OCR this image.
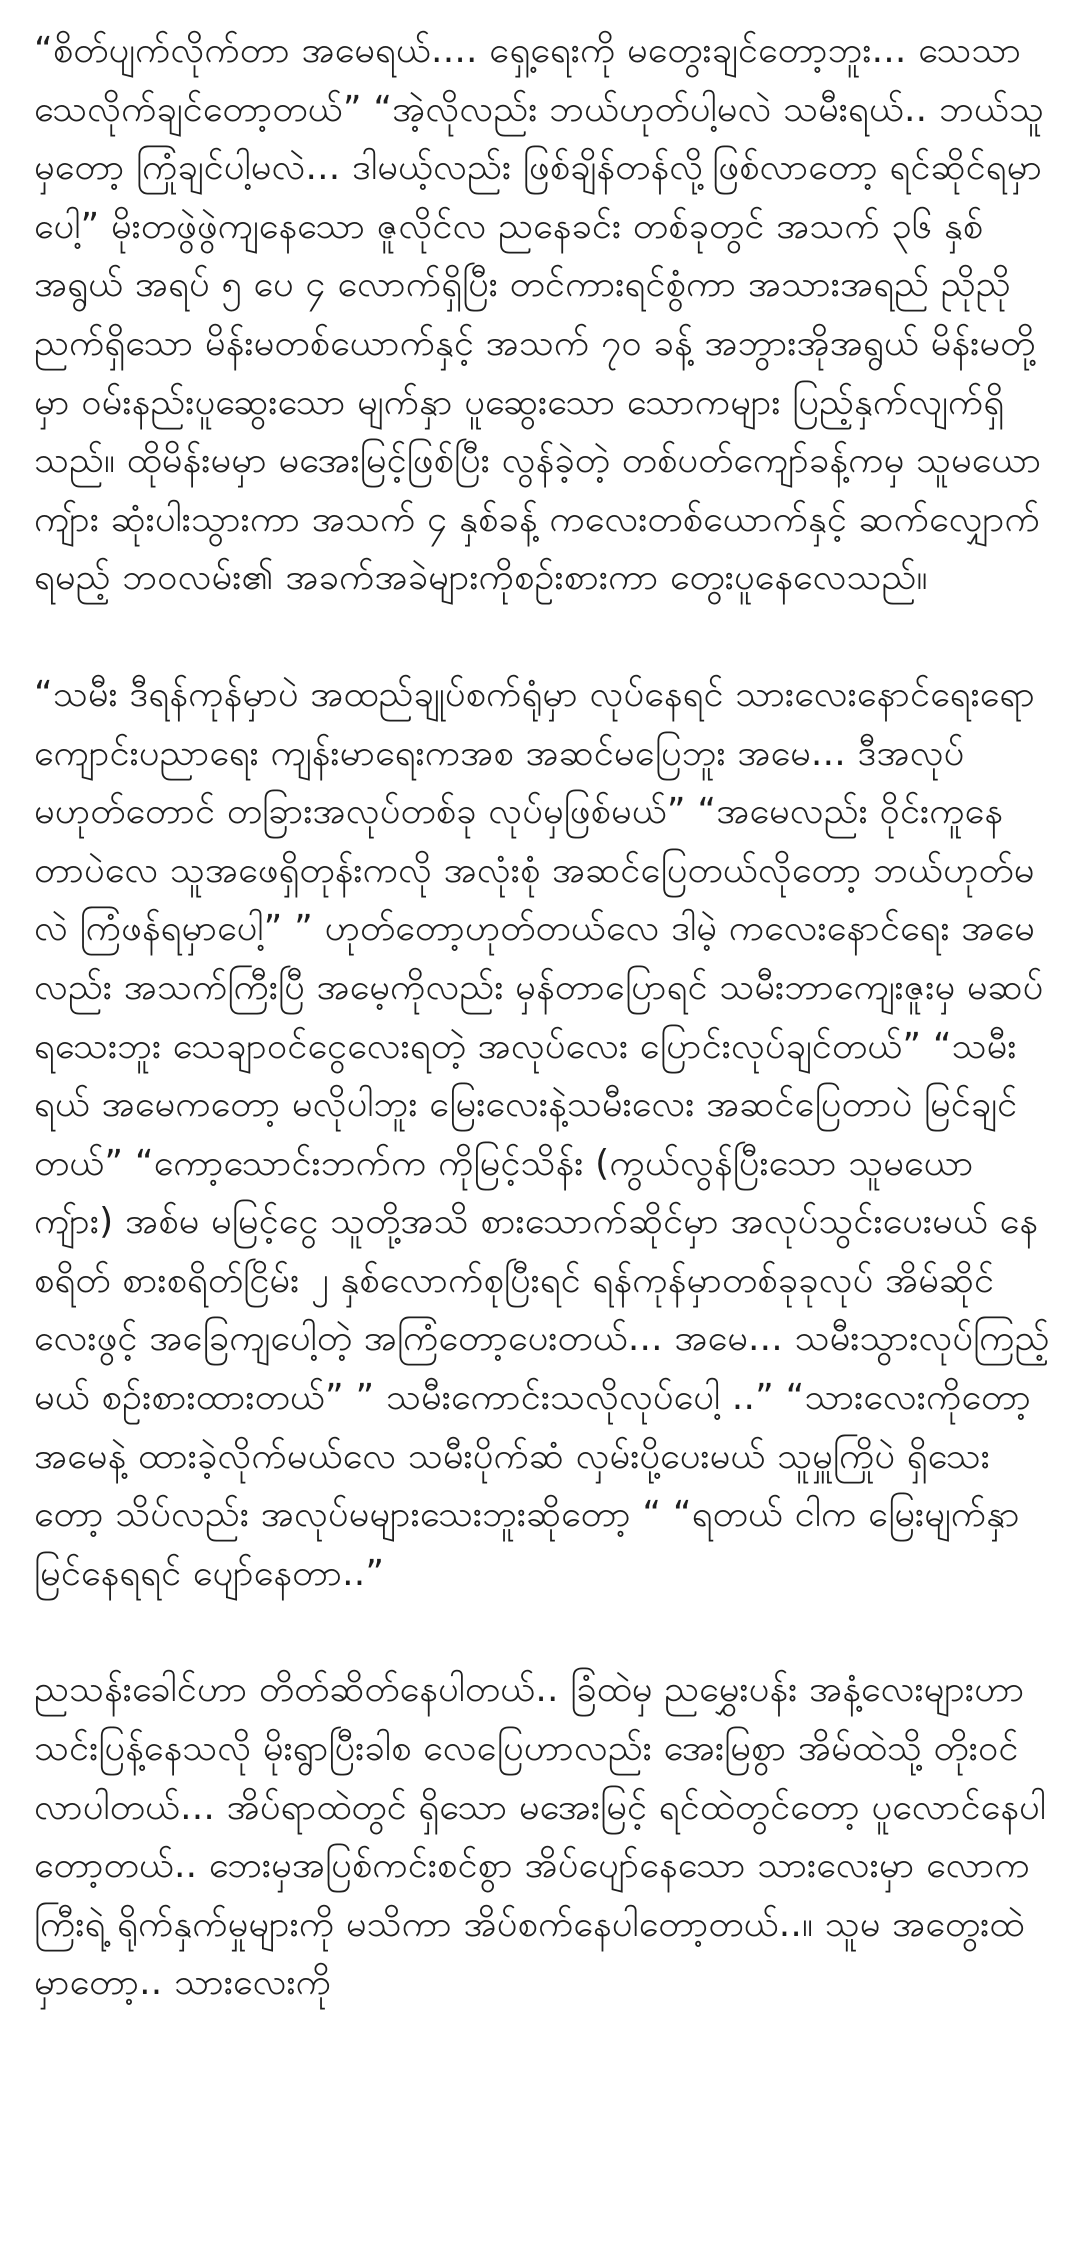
“စိတ်ပျက်လိုက်တာ အမေရယ်.... ရှေ့ရေးကို မတွေးချင်တော့ဘူး... သေသာ သေလိုက်ချင်တော့တယ်” “အဲ့လိုလည်း ဘယ်ဟုတ်ပါ့မလဲ သမီးရယ်.. ဘယ်သူမှတော့ ကြုံချင်ပါ့မလဲ... ဒါမယ့်လည်း ဖြစ်ချိန်တန်လို့ဖြစ်လာတော့ ရင်ဆိုင်ရမှာပေါ့” မိုးတဖွဲဖွဲကျနေသော ဇူလိုင်လ ညနေခင်း တစ်ခုတွင် အသက် ၃၆ နှစ်အရွယ် အရပ် ၅ ပေ ၄ လောက်ရှိပြီး တင်ကားရင်စွံကာ အသားအရည် ညိုညိုညက်ရှိသော မိန်းမတစ်ယောက်နှင့် အသက် ၇၀ ခန့် အဘွားအိုအရွယ် မိန်းမတို့မှာ ဝမ်းနည်းပူဆွေးသော မျက်နှာ ပူဆွေးသော သောကများ ပြည့်နှက်လျက်ရှိသည်။ ထိုမိန်းမမှာ မအေးမြင့်ဖြစ်ပြီး လွန်ခဲ့တဲ့ တစ်ပတ်ကျော်ခန့်ကမှ သူမယောကျ်ား ဆုံးပါးသွားကာ အသက် ၄ နှစ်ခန့် ကလေးတစ်ယောက်နှင့် ဆက်လျှောက်ရမည့် ဘဝလမ်း၏ အခက်အခဲများကိုစဉ်းစားကာ တွေးပူနေလေသည်။

“သမီး ဒီရန်ကုန်မှာပဲ အထည်ချုပ်စက်ရုံမှာ လုပ်နေရင် သားလေးနောင်ရေးရော ကျောင်းပညာရေး ကျန်းမာရေးကအစ အဆင်မပြေဘူး အမေ... ဒီအလုပ်မဟုတ်တောင် တခြားအလုပ်တစ်ခု လုပ်မှဖြစ်မယ်” “အမေလည်း ဝိုင်းကူနေတာပဲလေ သူအဖေရှိတုန်းကလို အလုံးစုံ အဆင်ပြေတယ်လိုတော့ ဘယ်ဟုတ်မလဲ ကြံဖန်ရမှာပေါ့” ” ဟုတ်တော့ဟုတ်တယ်လေ ဒါမဲ့ ကလေးနောင်ရေး အမေလည်း အသက်ကြီးပြီ အမေ့ကိုလည်း မှန်တာပြောရင် သမီးဘာကျေးဇူးမှ မဆပ်ရသေးဘူး သေချာဝင်ငွေလေးရတဲ့ အလုပ်လေး ပြောင်းလုပ်ချင်တယ်” “သမီးရယ် အမေကတော့ မလိုပါဘူး မြေးလေးနဲ့သမီးလေး အဆင်ပြေတာပဲ မြင်ချင်တယ်” “ကော့သောင်းဘက်က ကိုမြင့်သိန်း (ကွယ်လွန်ပြီးသော သူမယောကျ်ား) အစ်မ မမြင့်ငွေ သူတို့အသိ စားသောက်ဆိုင်မှာ အလုပ်သွင်းပေးမယ် နေစရိတ် စားစရိတ်ငြိမ်း ၂ နှစ်လောက်စုပြီးရင် ရန်ကုန်မှာတစ်ခုခုလုပ် အိမ်ဆိုင်လေးဖွင့် အခြေကျပေါ့တဲ့ အကြံတော့ပေးတယ်... အမေ... သမီးသွားလုပ်ကြည့်မယ် စဉ်းစားထားတယ်” ” သမီးကောင်းသလိုလုပ်ပေါ့ ..” “သားလေးကိုတော့ အမေနဲ့ ထားခဲ့လိုက်မယ်လေ သမီးပိုက်ဆံ လှမ်းပို့ပေးမယ် သူမှူကြိုပဲ ရှိသေးတော့ သိပ်လည်း အလုပ်မများသေးဘူးဆိုတော့ “ “ရတယ် ငါက မြေးမျက်နှာ မြင်နေရရင် ပျော်နေတာ..”

ညသန်းခေါင်ဟာ တိတ်ဆိတ်နေပါတယ်.. ခြံထဲမှ ညမွှေးပန်း အနံ့လေးများဟာ သင်းပြန့်နေသလို မိုးရွာပြီးခါစ လေပြေဟာလည်း အေးမြစွာ အိမ်ထဲသို့ တိုးဝင်လာပါတယ်... အိပ်ရာထဲတွင် ရှိသော မအေးမြင့် ရင်ထဲတွင်တော့ ပူလောင်နေပါတော့တယ်.. ဘေးမှအပြစ်ကင်းစင်စွာ အိပ်ပျော်နေသော သားလေးမှာ လောကကြီးရဲ့ ရိုက်နှက်မှုများကို မသိကာ အိပ်စက်နေပါတော့တယ်..။ သူမ အတွေးထဲမှာတော့.. သားလေးကို
